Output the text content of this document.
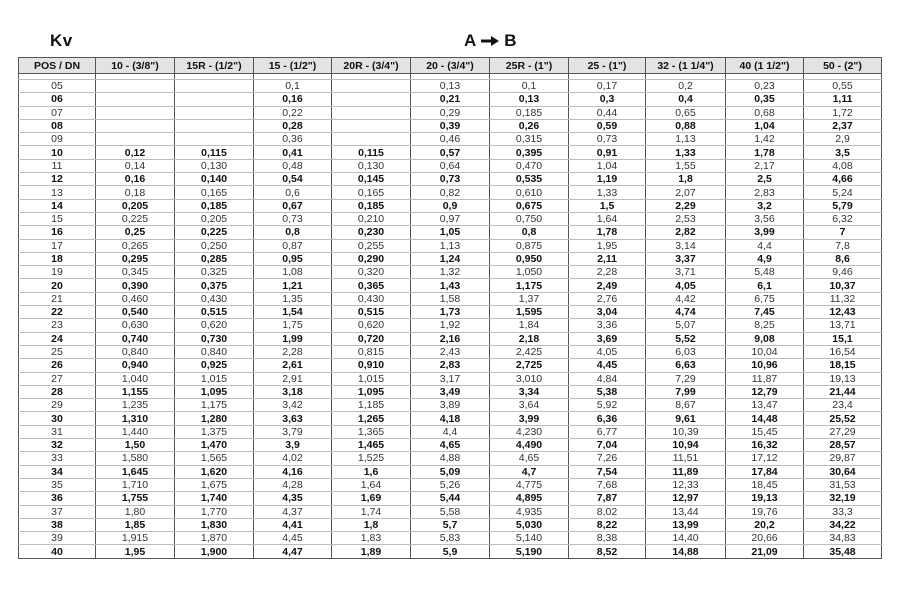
Kv	A B
POS / DN	10 - (3/8")	15R - (1/2")	15 - (1/2")	20R - (3/4")	20 - (3/4")	25R - (1")	25 - (1")	32 - (1 1/4")	40 (1 1/2")	50 - (2")

05			0,1		0,13	0,1	0,17	0,2	0,23	0,55
06			0,16		0,21	0,13	0,3	0,4	0,35	1,11
07			0,22		0,29	0,185	0,44	0,65	0,68	1,72
08			0,28		0,39	0,26	0,59	0,88	1,04	2,37
09			0,36		0,46	0,315	0,73	1,13	1,42	2,9
10	0,12	0,115	0,41	0,115	0,57	0,395	0,91	1,33	1,78	3,5
11	0,14	0,130	0,48	0,130	0,64	0,470	1,04	1,55	2,17	4,08
12	0,16	0,140	0,54	0,145	0,73	0,535	1,19	1,8	2,5	4,66
13	0,18	0,165	0,6	0,165	0,82	0,610	1,33	2,07	2,83	5,24
14	0,205	0,185	0,67	0,185	0,9	0,675	1,5	2,29	3,2	5,79
15	0,225	0,205	0,73	0,210	0,97	0,750	1,64	2,53	3,56	6,32
16	0,25	0,225	0,8	0,230	1,05	0,8	1,78	2,82	3,99	7
17	0,265	0,250	0,87	0,255	1,13	0,875	1,95	3,14	4,4	7,8
18	0,295	0,285	0,95	0,290	1,24	0,950	2,11	3,37	4,9	8,6
19	0,345	0,325	1,08	0,320	1,32	1,050	2,28	3,71	5,48	9,46
20	0,390	0,375	1,21	0,365	1,43	1,175	2,49	4,05	6,1	10,37
21	0,460	0,430	1,35	0,430	1,58	1,37	2,76	4,42	6,75	11,32
22	0,540	0,515	1,54	0,515	1,73	1,595	3,04	4,74	7,45	12,43
23	0,630	0,620	1,75	0,620	1,92	1,84	3,36	5,07	8,25	13,71
24	0,740	0,730	1,99	0,720	2,16	2,18	3,69	5,52	9,08	15,1
25	0,840	0,840	2,28	0,815	2,43	2,425	4,05	6,03	10,04	16,54
26	0,940	0,925	2,61	0,910	2,83	2,725	4,45	6,63	10,96	18,15
27	1,040	1,015	2,91	1,015	3,17	3,010	4,84	7,29	11,87	19,13
28	1,155	1,095	3,18	1,095	3,49	3,34	5,38	7,99	12,79	21,44
29	1,235	1,175	3,42	1,185	3,89	3,64	5,92	8,67	13,47	23,4
30	1,310	1,280	3,63	1,265	4,18	3,99	6,36	9,61	14,48	25,52
31	1,440	1,375	3,79	1,365	4,4	4,230	6,77	10,39	15,45	27,29
32	1,50	1,470	3,9	1,465	4,65	4,490	7,04	10,94	16,32	28,57
33	1,580	1,565	4,02	1,525	4,88	4,65	7,26	11,51	17,12	29,87
34	1,645	1,620	4,16	1,6	5,09	4,7	7,54	11,89	17,84	30,64
35	1,710	1,675	4,28	1,64	5,26	4,775	7,68	12,33	18,45	31,53
36	1,755	1,740	4,35	1,69	5,44	4,895	7,87	12,97	19,13	32,19
37	1,80	1,770	4,37	1,74	5,58	4,935	8,02	13,44	19,76	33,3
38	1,85	1,830	4,41	1,8	5,7	5,030	8,22	13,99	20,2	34,22
39	1,915	1,870	4,45	1,83	5,83	5,140	8,38	14,40	20,66	34,83
40	1,95	1,900	4,47	1,89	5,9	5,190	8,52	14,88	21,09	35,48
